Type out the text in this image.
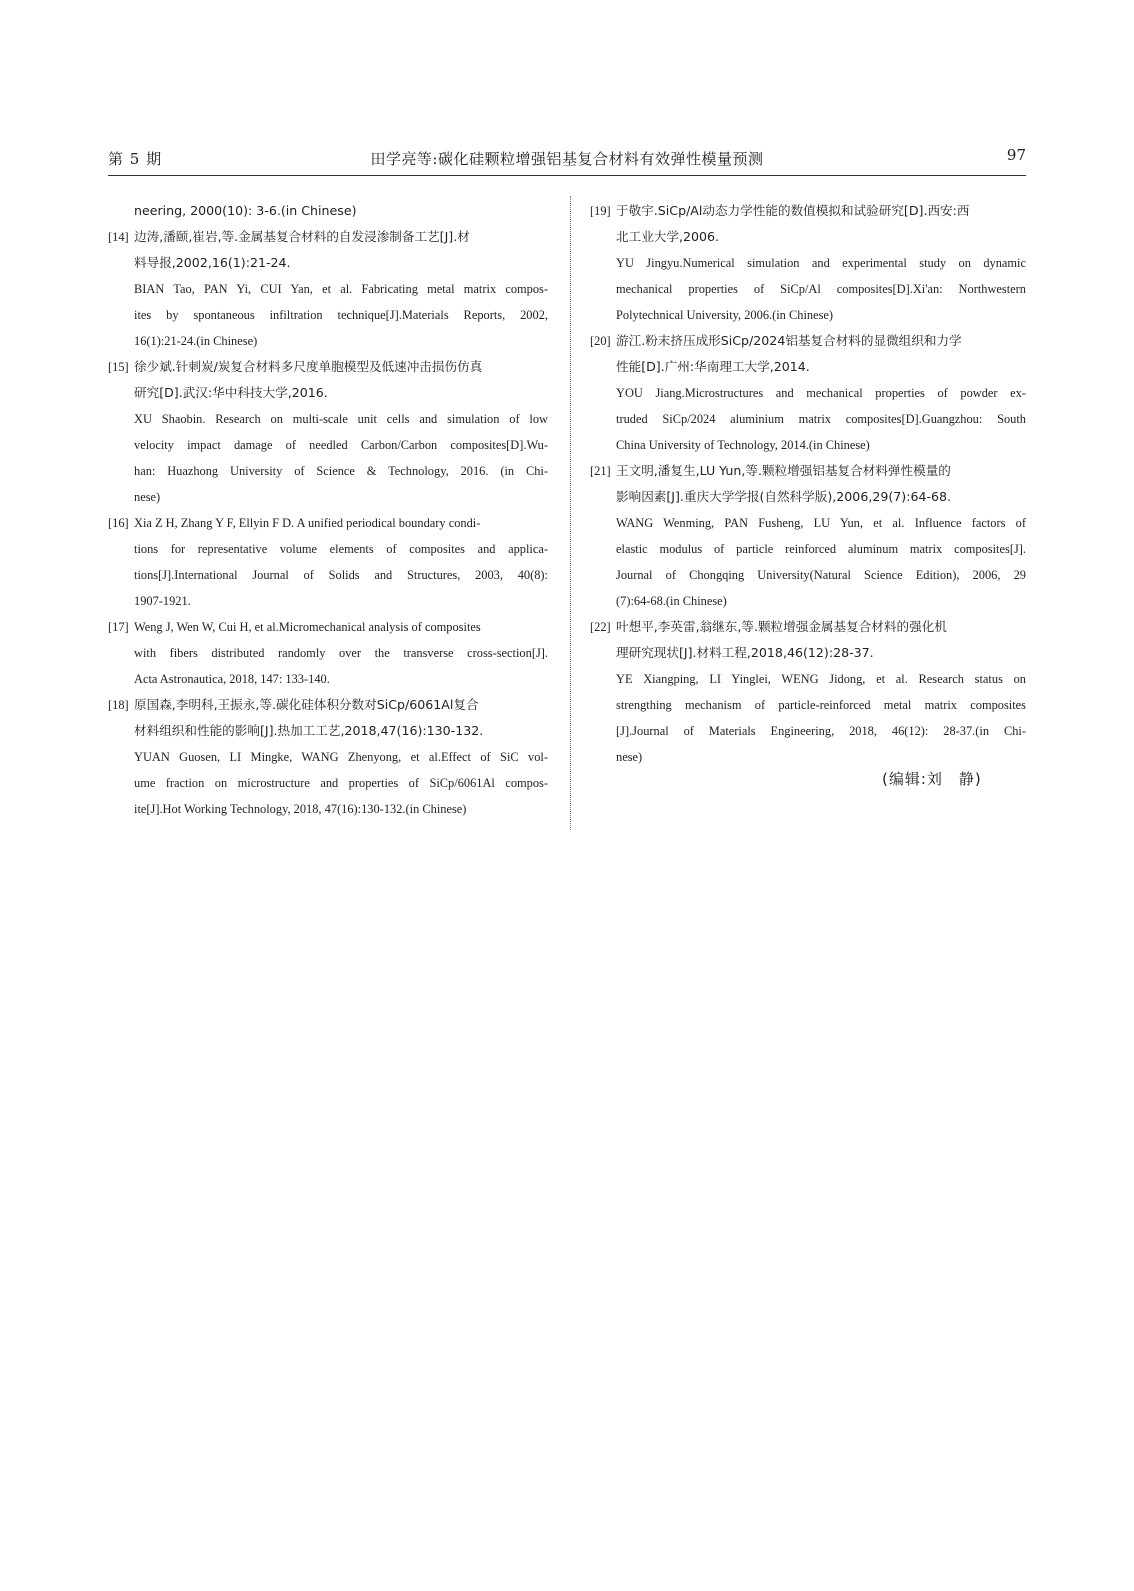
第 5 期	田学亮等:碳化硅颗粒增强铝基复合材料有效弹性模量预测	97
neering, 2000(10): 3-6.(in Chinese)
[14] 边涛,潘颐,崔岩,等.金属基复合材料的自发浸渗制备工艺[J].材
料导报,2002,16(1):21-24.
BIAN Tao, PAN Yi, CUI Yan, et al. Fabricating metal matrix compos-
ites by spontaneous infiltration technique[J].Materials Reports, 2002,
16(1):21-24.(in Chinese)
[15] 徐少斌.针刺炭/炭复合材料多尺度单胞模型及低速冲击损伤仿真
研究[D].武汉:华中科技大学,2016.
XU Shaobin. Research on multi-scale unit cells and simulation of low
velocity impact damage of needled Carbon/Carbon composites[D].Wu-
han: Huazhong University of Science & Technology, 2016. (in Chi-
nese)
[16] Xia Z H, Zhang Y F, Ellyin F D. A unified periodical boundary condi-
tions for representative volume elements of composites and applica-
tions[J].International Journal of Solids and Structures, 2003, 40(8):
1907-1921.
[17] Weng J, Wen W, Cui H, et al.Micromechanical analysis of composites
with fibers distributed randomly over the transverse cross-section[J].
Acta Astronautica, 2018, 147: 133-140.
[18] 原国森,李明科,王振永,等.碳化硅体积分数对SiCp/6061Al复合
材料组织和性能的影响[J].热加工工艺,2018,47(16):130-132.
YUAN Guosen, LI Mingke, WANG Zhenyong, et al.Effect of SiC vol-
ume fraction on microstructure and properties of SiCp/6061Al compos-
ite[J].Hot Working Technology, 2018, 47(16):130-132.(in Chinese)
[19] 于敬宇.SiCp/Al动态力学性能的数值模拟和试验研究[D].西安:西
北工业大学,2006.
YU Jingyu.Numerical simulation and experimental study on dynamic
mechanical properties of SiCp/Al composites[D].Xi'an: Northwestern
Polytechnical University, 2006.(in Chinese)
[20] 游江.粉末挤压成形SiCp/2024铝基复合材料的显微组织和力学
性能[D].广州:华南理工大学,2014.
YOU Jiang.Microstructures and mechanical properties of powder ex-
truded SiCp/2024 aluminium matrix composites[D].Guangzhou: South
China University of Technology, 2014.(in Chinese)
[21] 王文明,潘复生,LU Yun,等.颗粒增强铝基复合材料弹性模量的
影响因素[J].重庆大学学报(自然科学版),2006,29(7):64-68.
WANG Wenming, PAN Fusheng, LU Yun, et al. Influence factors of
elastic modulus of particle reinforced aluminum matrix composites[J].
Journal of Chongqing University(Natural Science Edition), 2006, 29
(7):64-68.(in Chinese)
[22] 叶想平,李英雷,翁继东,等.颗粒增强金属基复合材料的强化机
理研究现状[J].材料工程,2018,46(12):28-37.
YE Xiangping, LI Yinglei, WENG Jidong, et al. Research status on
strengthing mechanism of particle-reinforced metal matrix composites
[J].Journal of Materials Engineering, 2018, 46(12): 28-37.(in Chi-
nese)
(编辑:刘　静)
